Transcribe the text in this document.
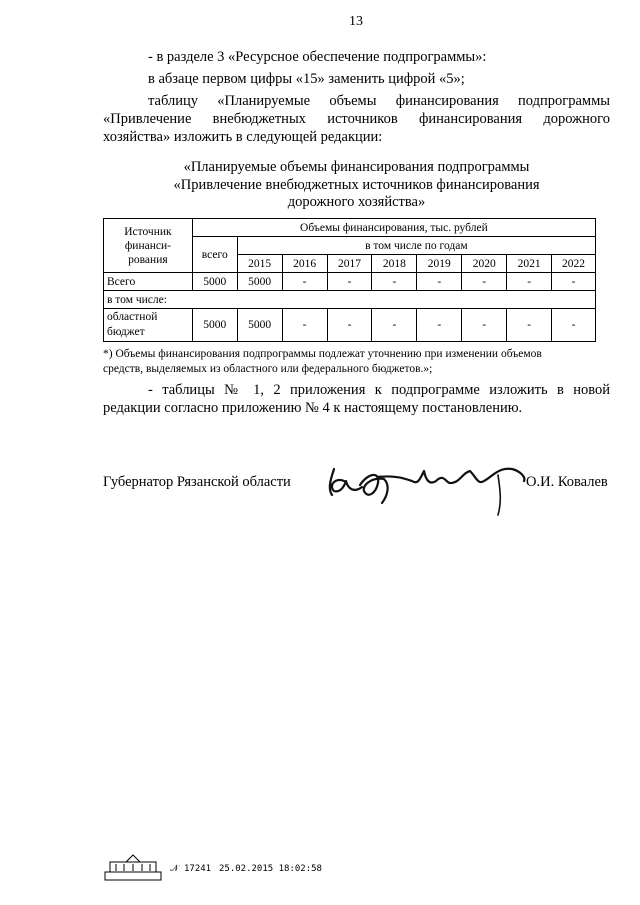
13
- в разделе 3 «Ресурсное обеспечение подпрограммы»:
в абзаце первом цифры «15» заменить цифрой «5»;
таблицу «Планируемые объемы финансирования подпрограммы
«Привлечение внебюджетных источников финансирования дорожного
хозяйства» изложить в следующей редакции:
«Планируемые объемы финансирования подпрограммы
«Привлечение внебюджетных источников финансирования
дорожного хозяйства»
Источник финанси-рования	Объемы финансирования, тыс. рублей								
	всего	в том числе по годам							
		2015	2016	2017	2018	2019	2020	2021	2022
Всего	5000	5000	-	-	-	-	-	-	-
в том числе:									
областной бюджет	5000	5000	-	-	-	-	-	-	-
*) Объемы финансирования подпрограммы подлежат уточнению при изменении объемов
средств, выделяемых из областного или федерального бюджетов.»;
- таблицы № 1, 2 приложения к подпрограмме изложить в новой
редакции согласно приложению № 4 к настоящему постановлению.
Губернатор Рязанской области	О.И. Ковалев
𝒩 17241 25.02.2015 18:02:58
